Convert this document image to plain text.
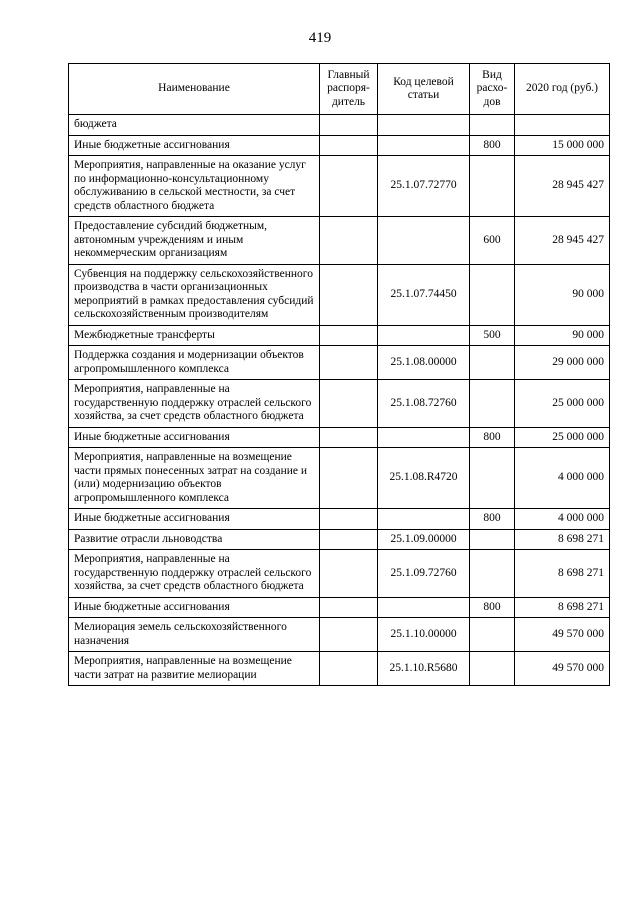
419
Наименование	Главный распоря-дитель	Код целевой статьи	Вид расхо-дов	2020 год (руб.)
бюджета				
Иные бюджетные ассигнования			800	15 000 000
Мероприятия, направленные на оказание услуг по информационно-консультационному обслуживанию в сельской местности, за счет средств областного бюджета		25.1.07.72770		28 945 427
Предоставление субсидий бюджетным, автономным учреждениям и иным некоммерческим организациям			600	28 945 427
Субвенция на поддержку сельскохозяйственного производства в части организационных мероприятий в рамках предоставления субсидий сельскохозяйственным производителям		25.1.07.74450		90 000
Межбюджетные трансферты			500	90 000
Поддержка создания и модернизации объектов агропромышленного комплекса		25.1.08.00000		29 000 000
Мероприятия, направленные на государственную поддержку отраслей сельского хозяйства, за счет средств областного бюджета		25.1.08.72760		25 000 000
Иные бюджетные ассигнования			800	25 000 000
Мероприятия, направленные на возмещение части прямых понесенных затрат на создание и (или) модернизацию объектов агропромышленного комплекса		25.1.08.R4720		4 000 000
Иные бюджетные ассигнования			800	4 000 000
Развитие отрасли льноводства		25.1.09.00000		8 698 271
Мероприятия, направленные на государственную поддержку отраслей сельского хозяйства, за счет средств областного бюджета		25.1.09.72760		8 698 271
Иные бюджетные ассигнования			800	8 698 271
Мелиорация земель сельскохозяйственного назначения		25.1.10.00000		49 570 000
Мероприятия, направленные на возмещение части затрат на развитие мелиорации		25.1.10.R5680		49 570 000
